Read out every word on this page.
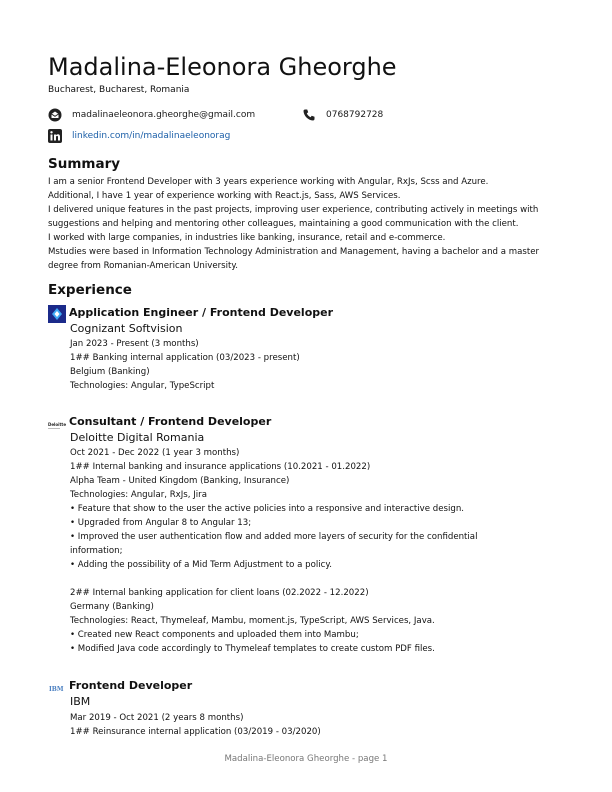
Madalina-Eleonora Gheorghe
Bucharest, Bucharest, Romania
madalinaeleonora.gheorghe@gmail.com	0768792728
linkedin.com/in/madalinaeleonorag
Summary
I am a senior Frontend Developer with 3 years experience working with Angular, RxJs, Scss and Azure.
Additional, I have 1 year of experience working with React.js, Sass, AWS Services.
I delivered unique features in the past projects, improving user experience, contributing actively in meetings with
suggestions and helping and mentoring other colleagues, maintaining a good communication with the client.
I worked with large companies, in industries like banking, insurance, retail and e-commerce.
Mstudies were based in Information Technology Administration and Management, having a bachelor and a master
degree from Romanian-American University.
Experience
Application Engineer / Frontend Developer
Cognizant Softvision
Jan 2023 - Present (3 months)
1## Banking internal application (03/2023 - present)
Belgium (Banking)
Technologies: Angular, TypeScript
Deloitte. Consultant / Frontend Developer
Deloitte Digital Romania
Oct 2021 - Dec 2022 (1 year 3 months)
1## Internal banking and insurance applications (10.2021 - 01.2022)
Alpha Team - United Kingdom (Banking, Insurance)
Technologies: Angular, RxJs, Jira
• Feature that show to the user the active policies into a responsive and interactive design.
• Upgraded from Angular 8 to Angular 13;
• Improved the user authentication flow and added more layers of security for the confidential
information;
• Adding the possibility of a Mid Term Adjustment to a policy.
2## Internal banking application for client loans (02.2022 - 12.2022)
Germany (Banking)
Technologies: React, Thymeleaf, Mambu, moment.js, TypeScript, AWS Services, Java.
• Created new React components and uploaded them into Mambu;
• Modified Java code accordingly to Thymeleaf templates to create custom PDF files.
IBM Frontend Developer
IBM
Mar 2019 - Oct 2021 (2 years 8 months)
1## Reinsurance internal application (03/2019 - 03/2020)
Madalina-Eleonora Gheorghe - page 1
